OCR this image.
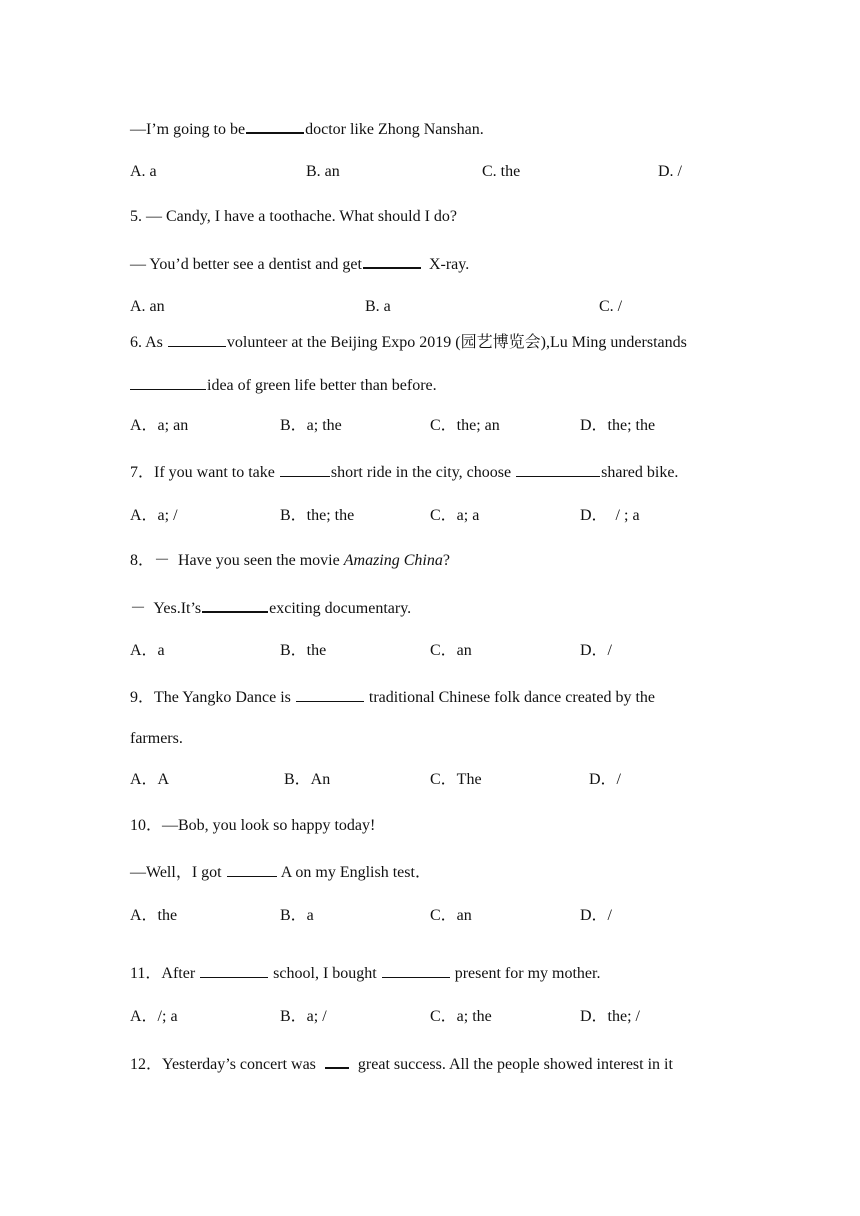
—I’m going to be	doctor like Zhong Nanshan.
A. a	B. an	C. the	D. /
5. — Candy, I have a toothache. What should I do?
— You’d better see a dentist and get	X-ray.
A. an	B. a	C. /
6. As	volunteer at the Beijing Expo 2019 (园艺博览会),Lu Ming understands
idea of green life better than before.
A．a; an	B．a; the	C．the; an	D．the; the
7．If you want to take	short ride in the city, choose	shared bike.
A．a; /	B．the; the	C．a; a	D．  / ; a
8．－  Have you seen the movie Amazing China?
－  Yes.It’s	exciting documentary.
A．a	B．the	C．an	D．/
9．The Yangko Dance is	traditional Chinese folk dance created by the
farmers.
A．A	B．An	C．The	D．/
10．—Bob, you look so happy today!
—Well，I got	A on my English test．
A．the	B．a	C．an	D．/
11．After	school, I bought	present for my mother.
A．/; a	B．a; /	C．a; the	D．the; /
12．Yesterday’s concert was	great success. All the people showed interest in it
